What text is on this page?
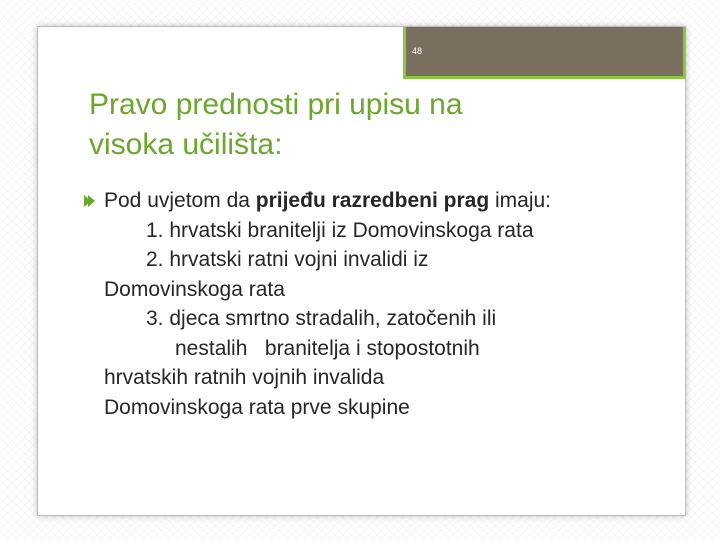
48
Pravo prednosti pri upisu na
visoka učilišta:
Pod uvjetom da prijeđu razredbeni prag imaju:
1. hrvatski branitelji iz Domovinskoga rata
2. hrvatski ratni vojni invalidi iz
Domovinskoga rata
3. djeca smrtno stradalih, zatočenih ili
nestalih   branitelja i stopostotnih
hrvatskih ratnih vojnih invalida
Domovinskoga rata prve skupine
